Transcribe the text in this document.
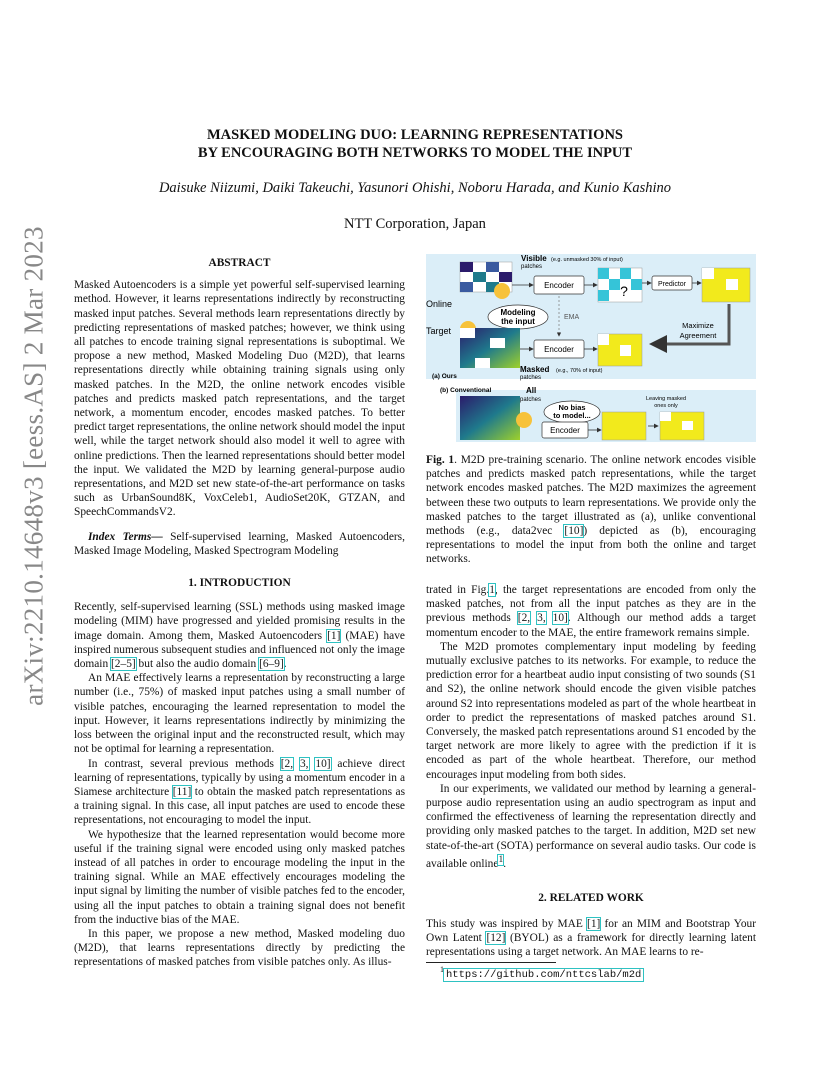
arXiv:2210.14648v3 [eess.AS] 2 Mar 2023
MASKED MODELING DUO: LEARNING REPRESENTATIONS
BY ENCOURAGING BOTH NETWORKS TO MODEL THE INPUT
Daisuke Niizumi, Daiki Takeuchi, Yasunori Ohishi, Noboru Harada, and Kunio Kashino
NTT Corporation, Japan

ABSTRACT

Masked Autoencoders is a simple yet powerful self-supervised learning method. However, it learns representations indirectly by reconstructing masked input patches. Several methods learn representations directly by predicting representations of masked patches; however, we think using all patches to encode training signal representations is suboptimal. We propose a new method, Masked Modeling Duo (M2D), that learns representations directly while obtaining training signals using only masked patches. In the M2D, the online network encodes visible patches and predicts masked patch representations, and the target network, a momentum encoder, encodes masked patches. To better predict target representations, the online network should model the input well, while the target network should also model it well to agree with online predictions. Then the learned representations should better model the input. We validated the M2D by learning general-purpose audio representations, and M2D set new state-of-the-art performance on tasks such as UrbanSound8K, VoxCeleb1, AudioSet20K, GTZAN, and SpeechCommandsV2.

Index Terms— Self-supervised learning, Masked Autoencoders, Masked Image Modeling, Masked Spectrogram Modeling

1. INTRODUCTION

Recently, self-supervised learning (SSL) methods using masked image modeling (MIM) have progressed and yielded promising results in the image domain. Among them, Masked Autoencoders [1] (MAE) have inspired numerous subsequent studies and influenced not only the image domain [2–5] but also the audio domain [6–9].

An MAE effectively learns a representation by reconstructing a large number (i.e., 75%) of masked input patches using a small number of visible patches, encouraging the learned representation to model the input. However, it learns representations indirectly by minimizing the loss between the original input and the reconstructed result, which may not be optimal for learning a representation.

In contrast, several previous methods [2, 3, 10] achieve direct learning of representations, typically by using a momentum encoder in a Siamese architecture [11] to obtain the masked patch representations as a training signal. In this case, all input patches are used to encode these representations, not encouraging to model the input.

We hypothesize that the learned representation would become more useful if the training signal were encoded using only masked patches instead of all patches in order to encourage modeling the input in the training signal. While an MAE effectively encourages modeling the input signal by limiting the number of visible patches fed to the encoder, using all the input patches to obtain a training signal does not benefit from the inductive bias of the MAE.

In this paper, we propose a new method, Masked modeling duo (M2D), that learns representations directly by predicting the representations of masked patches from visible patches only. As illus-

Visible (e.g. unmasked 30% of input)
patches
Online
Target
Encoder	?	Predictor
Modeling
the input	EMA
Maximize
Agreement
Encoder
(a) Ours
Masked (e.g., 70% of input)
patches
(b) Conventional	All
patches	Leaving masked
ones only
No bias
to model...
Encoder
Fig. 1. M2D pre-training scenario. The online network encodes visible patches and predicts masked patch representations, while the target network encodes masked patches. The M2D maximizes the agreement between these two outputs to learn representations. We provide only the masked patches to the target illustrated as (a), unlike conventional methods (e.g., data2vec [10]) depicted as (b), encouraging representations to model the input from both the online and target networks.

trated in Fig.1, the target representations are encoded from only the masked patches, not from all the input patches as they are in the previous methods [2, 3, 10]. Although our method adds a target momentum encoder to the MAE, the entire framework remains simple.

The M2D promotes complementary input modeling by feeding mutually exclusive patches to its networks. For example, to reduce the prediction error for a heartbeat audio input consisting of two sounds (S1 and S2), the online network should encode the given visible patches around S2 into representations modeled as part of the whole heartbeat in order to predict the representations of masked patches around S1. Conversely, the masked patch representations around S1 encoded by the target network are more likely to agree with the prediction if it is encoded as part of the whole heartbeat. Therefore, our method encourages input modeling from both sides.

In our experiments, we validated our method by learning a general-purpose audio representation using an audio spectrogram as input and confirmed the effectiveness of learning the representation directly and providing only masked patches to the target. In addition, M2D set new state-of-the-art (SOTA) performance on several audio tasks. Our code is available online$^1$.

2. RELATED WORK

This study was inspired by MAE [1] for an MIM and Bootstrap Your Own Latent [12] (BYOL) as a framework for directly learning latent representations using a target network. An MAE learns to re-

$^1$ https://github.com/nttcslab/m2d
